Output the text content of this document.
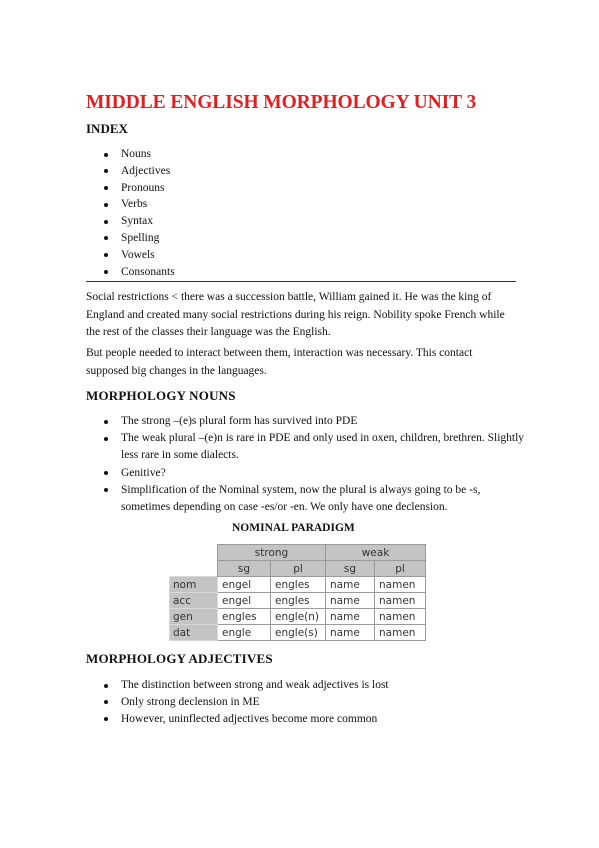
MIDDLE ENGLISH MORPHOLOGY UNIT 3
INDEX
Nouns
Adjectives
Pronouns
Verbs
Syntax
Spelling
Vowels
Consonants

Social restrictions < there was a succession battle, William gained it. He was the king of England and created many social restrictions during his reign. Nobility spoke French while the rest of the classes their language was the English.

But people needed to interact between them, interaction was necessary. This contact supposed big changes in the languages.

MORPHOLOGY NOUNS
The strong –(e)s plural form has survived into PDE
The weak plural –(e)n is rare in PDE and only used in oxen, children, brethren. Slightly less rare in some dialects.
Genitive?
Simplification of the Nominal system, now the plural is always going to be -s, sometimes depending on case -es/or -en. We only have one declension.
NOMINAL PARADIGM
	strong		weak	
	sg	pl	sg	pl
nom	engel	engles	name	namen
acc	engel	engles	name	namen
gen	engles	engle(n)	name	namen
dat	engle	engle(s)	name	namen
MORPHOLOGY ADJECTIVES
The distinction between strong and weak adjectives is lost
Only strong declension in ME
However, uninflected adjectives become more common
